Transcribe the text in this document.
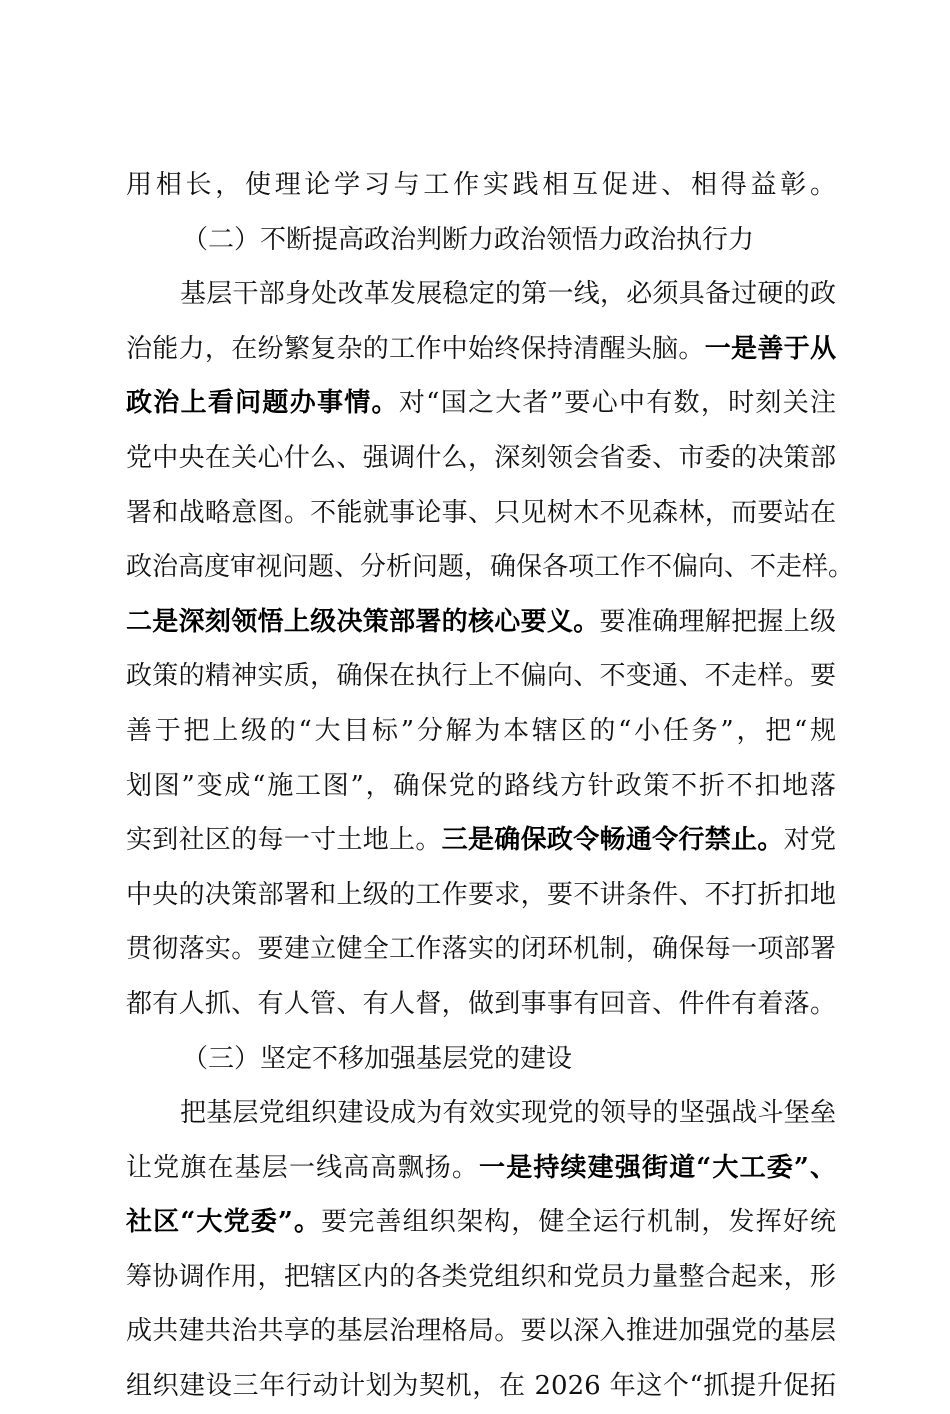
用相长，使理论学习与工作实践相互促进、相得益彰。
（二）不断提高政治判断力政治领悟力政治执行力
基层干部身处改革发展稳定的第一线，必须具备过硬的政
治能力，在纷繁复杂的工作中始终保持清醒头脑。一是善于从
政治上看问题办事情。对“国之大者”要心中有数，时刻关注
党中央在关心什么、强调什么，深刻领会省委、市委的决策部
署和战略意图。不能就事论事、只见树木不见森林，而要站在
政治高度审视问题、分析问题，确保各项工作不偏向、不走样。
二是深刻领悟上级决策部署的核心要义。要准确理解把握上级
政策的精神实质，确保在执行上不偏向、不变通、不走样。要
善于把上级的“大目标”分解为本辖区的“小任务”，把“规
划图”变成“施工图”，确保党的路线方针政策不折不扣地落
实到社区的每一寸土地上。三是确保政令畅通令行禁止。对党
中央的决策部署和上级的工作要求，要不讲条件、不打折扣地
贯彻落实。要建立健全工作落实的闭环机制，确保每一项部署
都有人抓、有人管、有人督，做到事事有回音、件件有着落。
（三）坚定不移加强基层党的建设
把基层党组织建设成为有效实现党的领导的坚强战斗堡垒
让党旗在基层一线高高飘扬。一是持续建强街道“大工委”、
社区“大党委”。要完善组织架构，健全运行机制，发挥好统
筹协调作用，把辖区内的各类党组织和党员力量整合起来，形
成共建共治共享的基层治理格局。要以深入推进加强党的基层
组织建设三年行动计划为契机，在 2026 年这个“抓提升促拓
